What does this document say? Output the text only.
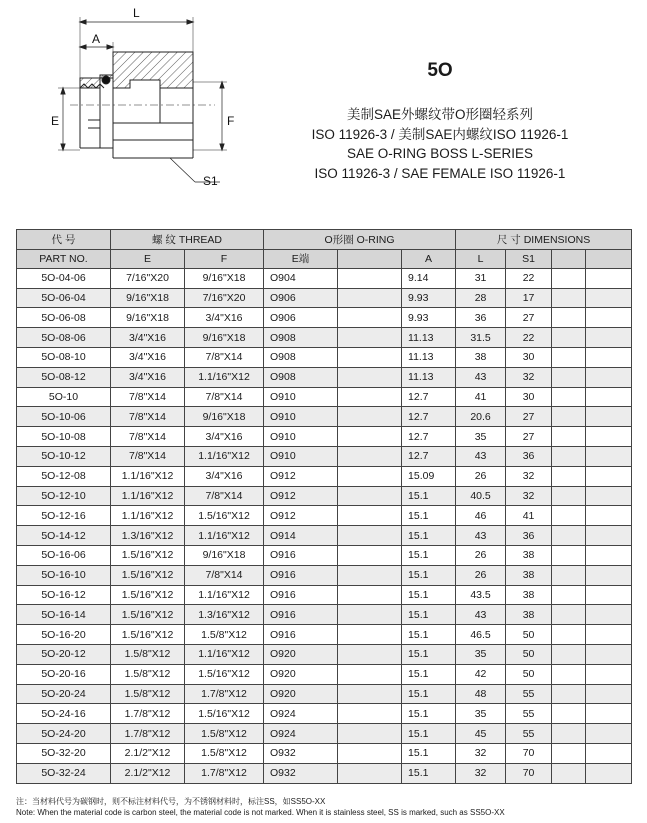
L
A
E	F
S1
5O
美制SAE外螺纹带O形圈轻系列
ISO 11926-3 / 美制SAE内螺纹ISO 11926-1
SAE O-RING BOSS L-SERIES
ISO 11926-3 / SAE FEMALE ISO 11926-1
代 号	螺 纹 THREAD		O形圈 O-RING			尺 寸 DIMENSIONS			
PART NO.	E	F	E端		A	L	S1		
5O-04-06	7/16"X20	9/16"X18	O904		9.14	31	22		
5O-06-04	9/16"X18	7/16"X20	O906		9.93	28	17		
5O-06-08	9/16"X18	3/4"X16	O906		9.93	36	27		
5O-08-06	3/4"X16	9/16"X18	O908		11.13	31.5	22		
5O-08-10	3/4"X16	7/8"X14	O908		11.13	38	30		
5O-08-12	3/4"X16	1.1/16"X12	O908		11.13	43	32		
5O-10	7/8"X14	7/8"X14	O910		12.7	41	30		
5O-10-06	7/8"X14	9/16"X18	O910		12.7	20.6	27		
5O-10-08	7/8"X14	3/4"X16	O910		12.7	35	27		
5O-10-12	7/8"X14	1.1/16"X12	O910		12.7	43	36		
5O-12-08	1.1/16"X12	3/4"X16	O912		15.09	26	32		
5O-12-10	1.1/16"X12	7/8"X14	O912		15.1	40.5	32		
5O-12-16	1.1/16"X12	1.5/16"X12	O912		15.1	46	41		
5O-14-12	1.3/16"X12	1.1/16"X12	O914		15.1	43	36		
5O-16-06	1.5/16"X12	9/16"X18	O916		15.1	26	38		
5O-16-10	1.5/16"X12	7/8"X14	O916		15.1	26	38		
5O-16-12	1.5/16"X12	1.1/16"X12	O916		15.1	43.5	38		
5O-16-14	1.5/16"X12	1.3/16"X12	O916		15.1	43	38		
5O-16-20	1.5/16"X12	1.5/8"X12	O916		15.1	46.5	50		
5O-20-12	1.5/8"X12	1.1/16"X12	O920		15.1	35	50		
5O-20-16	1.5/8"X12	1.5/16"X12	O920		15.1	42	50		
5O-20-24	1.5/8"X12	1.7/8"X12	O920		15.1	48	55		
5O-24-16	1.7/8"X12	1.5/16"X12	O924		15.1	35	55		
5O-24-20	1.7/8"X12	1.5/8"X12	O924		15.1	45	55		
5O-32-20	2.1/2"X12	1.5/8"X12	O932		15.1	32	70		
5O-32-24	2.1/2"X12	1.7/8"X12	O932		15.1	32	70		
注：当材料代号为碳钢时，则不标注材料代号，为不锈钢材料时，标注SS，如SS5O-XX
Note: When the material code is carbon steel, the material code is not marked. When it is stainless steel, SS is marked, such as SS5O-XX
